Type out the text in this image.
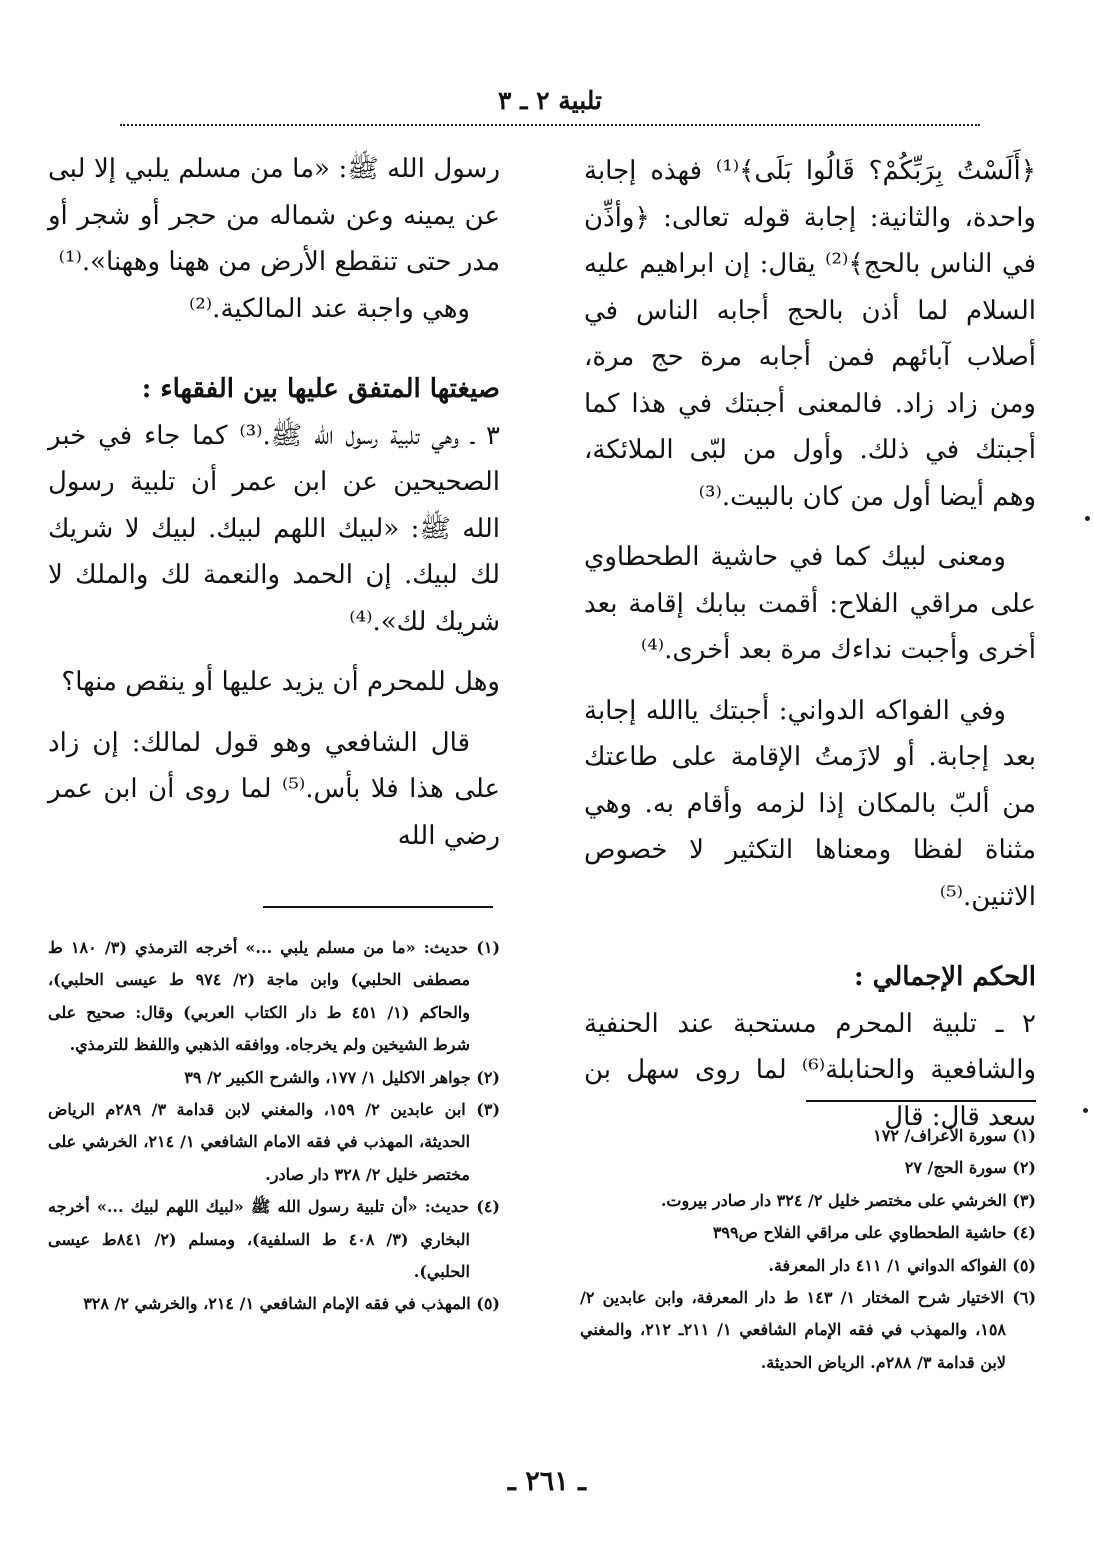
تلبية ٢ ـ ٣

﴿أَلَسْتُ بِرَبِّكُمْ؟ قَالُوا بَلَى﴾⁽¹⁾ فهذه إجابة واحدة، والثانية: إجابة قوله تعالى: ﴿وأذِّن في الناس بالحج﴾⁽²⁾ يقال: إن ابراهيم عليه السلام لما أذن بالحج أجابه الناس في أصلاب آبائهم فمن أجابه مرة حج مرة، ومن زاد زاد. فالمعنى أجبتك في هذا كما أجبتك في ذلك. وأول من لبّى الملائكة، وهم أيضا أول من كان بالبيت.⁽³⁾

ومعنى لبيك كما في حاشية الطحطاوي على مراقي الفلاح: أقمت ببابك إقامة بعد أخرى وأجبت نداءك مرة بعد أخرى.⁽⁴⁾

وفي الفواكه الدواني: أجبتك ياالله إجابة بعد إجابة. أو لازَمتُ الإقامة على طاعتك من ألبّ بالمكان إذا لزمه وأقام به. وهي مثناة لفظا ومعناها التكثير لا خصوص الاثنين.⁽⁵⁾

الحكم الإجمالي :

٢ ـ تلبية المحرم مستحبة عند الحنفية والشافعية والحنابلة⁽⁶⁾ لما روى سهل بن سعد قال: قال

رسول الله ﷺ: «ما من مسلم يلبي إلا لبى عن يمينه وعن شماله من حجر أو شجر أو مدر حتى تنقطع الأرض من ههنا وههنا».⁽¹⁾

وهي واجبة عند المالكية.⁽²⁾

صيغتها المتفق عليها بين الفقهاء :

٣ ـ وهي تلبية رسول الله ﷺ.⁽³⁾ كما جاء في خبر الصحيحين عن ابن عمر أن تلبية رسول الله ﷺ: «لبيك اللهم لبيك. لبيك لا شريك لك لبيك. إن الحمد والنعمة لك والملك لا شريك لك».⁽⁴⁾

وهل للمحرم أن يزيد عليها أو ينقص منها؟

قال الشافعي وهو قول لمالك: إن زاد على هذا فلا بأس.⁽⁵⁾ لما روى أن ابن عمر رضي الله

(١) سورة الأعراف/ ١٧٢

(٢) سورة الحج/ ٢٧

(٣) الخرشي على مختصر خليل ٢/ ٣٢٤ دار صادر بيروت.

(٤) حاشية الطحطاوي على مراقي الفلاح ص٣٩٩

(٥) الفواكه الدواني ١/ ٤١١ دار المعرفة.

(٦) الاختيار شرح المختار ١/ ١٤٣ ط دار المعرفة، وابن عابدين ٢/ ١٥٨، والمهذب في فقه الإمام الشافعي ١/ ٢١١ـ ٢١٢، والمغني لابن قدامة ٣/ ٢٨٨م. الرياض الحديثة.

(١) حديث: «ما من مسلم يلبي ...» أخرجه الترمذي (٣/ ١٨٠ ط مصطفى الحلبي) وابن ماجة (٢/ ٩٧٤ ط عيسى الحلبي)، والحاكم (١/ ٤٥١ ط دار الكتاب العربي) وقال: صحيح على شرط الشيخين ولم يخرجاه. ووافقه الذهبي واللفظ للترمذي.

(٢) جواهر الاكليل ١/ ١٧٧، والشرح الكبير ٢/ ٣٩

(٣) ابن عابدين ٢/ ١٥٩، والمغني لابن قدامة ٣/ ٢٨٩م الرياض الحديثة، المهذب في فقه الامام الشافعي ١/ ٢١٤، الخرشي على مختصر خليل ٢/ ٣٢٨ دار صادر.

(٤) حديث: «أن تلبية رسول الله ﷺ «لبيك اللهم لبيك ...» أخرجه البخاري (٣/ ٤٠٨ ط السلفية)، ومسلم (٢/ ٨٤١ط عيسى الحلبي).

(٥) المهذب في فقه الإمام الشافعي ١/ ٢١٤، والخرشي ٢/ ٣٢٨

ـ ٢٦١ ـ
